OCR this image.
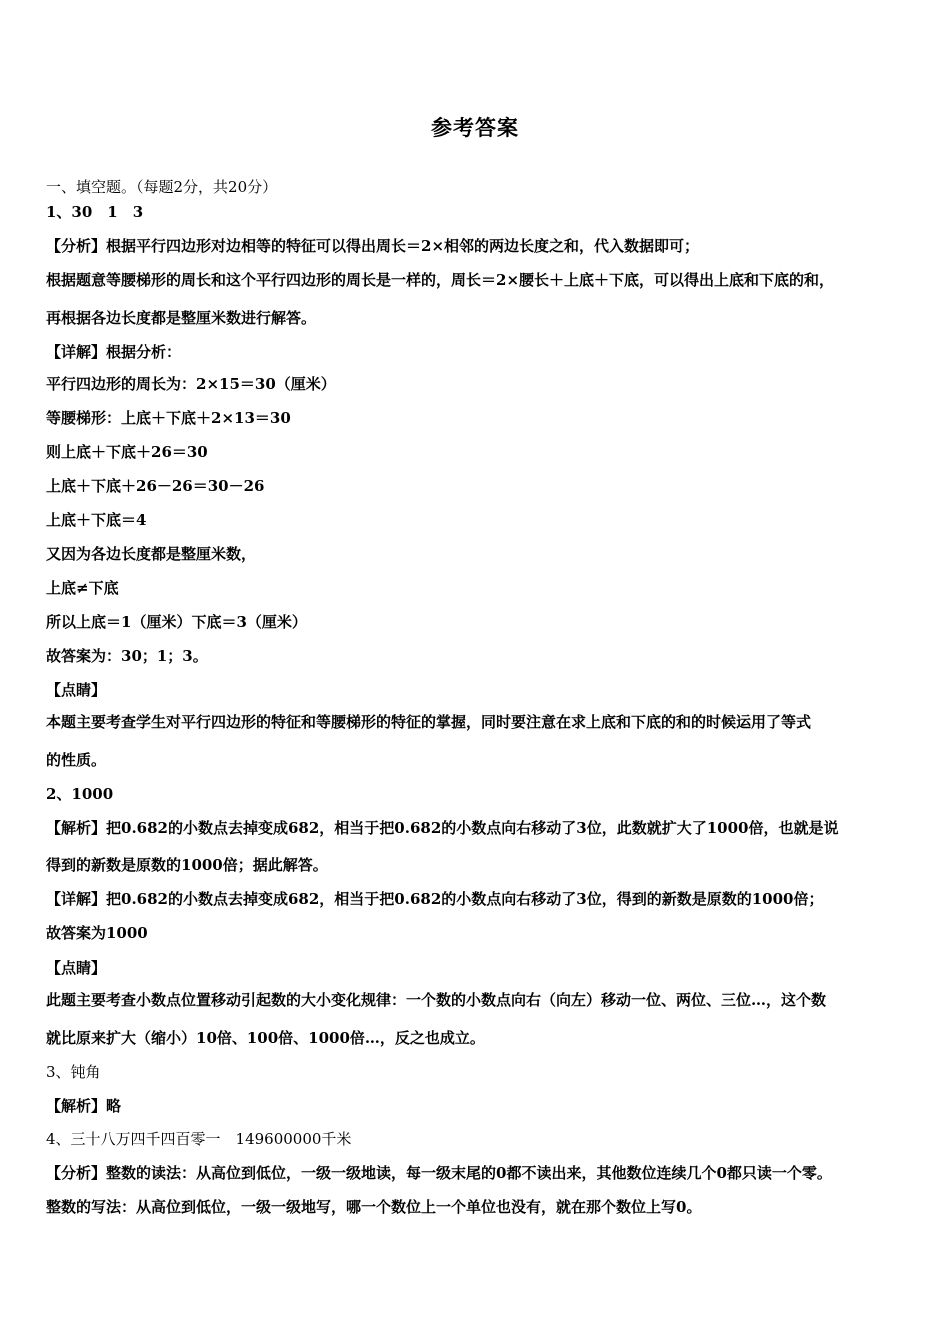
参考答案
一、填空题。（每题2分，共20分）
1、30　1　3
【分析】根据平行四边形对边相等的特征可以得出周长＝2×相邻的两边长度之和，代入数据即可；
根据题意等腰梯形的周长和这个平行四边形的周长是一样的，周长＝2×腰长＋上底＋下底，可以得出上底和下底的和，
再根据各边长度都是整厘米数进行解答。
【详解】根据分析：
平行四边形的周长为：2×15＝30（厘米）
等腰梯形：上底＋下底＋2×13＝30
则上底＋下底＋26＝30
上底＋下底＋26－26＝30－26
上底＋下底＝4
又因为各边长度都是整厘米数，
上底≠下底
所以上底＝1（厘米）下底＝3（厘米）
故答案为：30；1；3。
【点睛】
本题主要考查学生对平行四边形的特征和等腰梯形的特征的掌握，同时要注意在求上底和下底的和的时候运用了等式
的性质。
2、1000
【解析】把0.682的小数点去掉变成682，相当于把0.682的小数点向右移动了3位，此数就扩大了1000倍，也就是说
得到的新数是原数的1000倍；据此解答。
【详解】把0.682的小数点去掉变成682，相当于把0.682的小数点向右移动了3位，得到的新数是原数的1000倍；
故答案为1000
【点睛】
此题主要考查小数点位置移动引起数的大小变化规律：一个数的小数点向右（向左）移动一位、两位、三位…，这个数
就比原来扩大（缩小）10倍、100倍、1000倍…，反之也成立。
3、钝角
【解析】略
4、三十八万四千四百零一　149600000千米
【分析】整数的读法：从高位到低位，一级一级地读，每一级末尾的0都不读出来，其他数位连续几个0都只读一个零。
整数的写法：从高位到低位，一级一级地写，哪一个数位上一个单位也没有，就在那个数位上写0。
